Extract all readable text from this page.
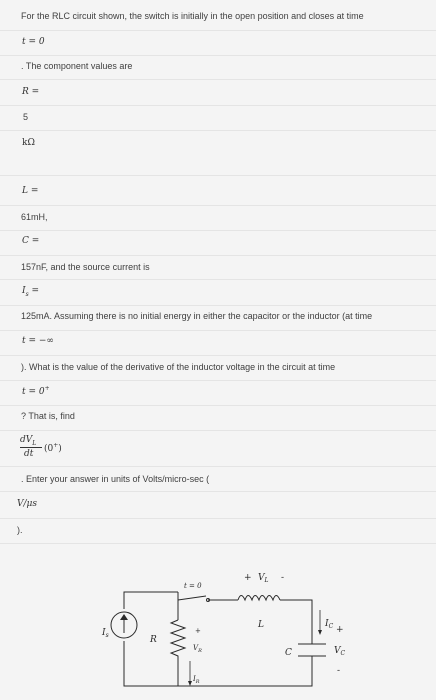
For the RLC circuit shown, the switch is initially in the open position and closes at time
t = 0
. The component values are
R =
5
kΩ
L =
61mH,
C =
157nF, and the source current is
$I_s$ =
125mA. Assuming there is no initial energy in either the capacitor or the inductor (at time
t = −∞
). What is the value of the derivative of the inductor voltage in the circuit at time
t = 0+
? That is, find
$dV_L$
dt (0+)
. Enter your answer in units of Volts/micro-sec (
V/μs
).
t = 0
+ $V_L$ -
L	$I_C$ +
$V_C$
-
C
$I_s$	R
+
$V_R$
$I_R$
